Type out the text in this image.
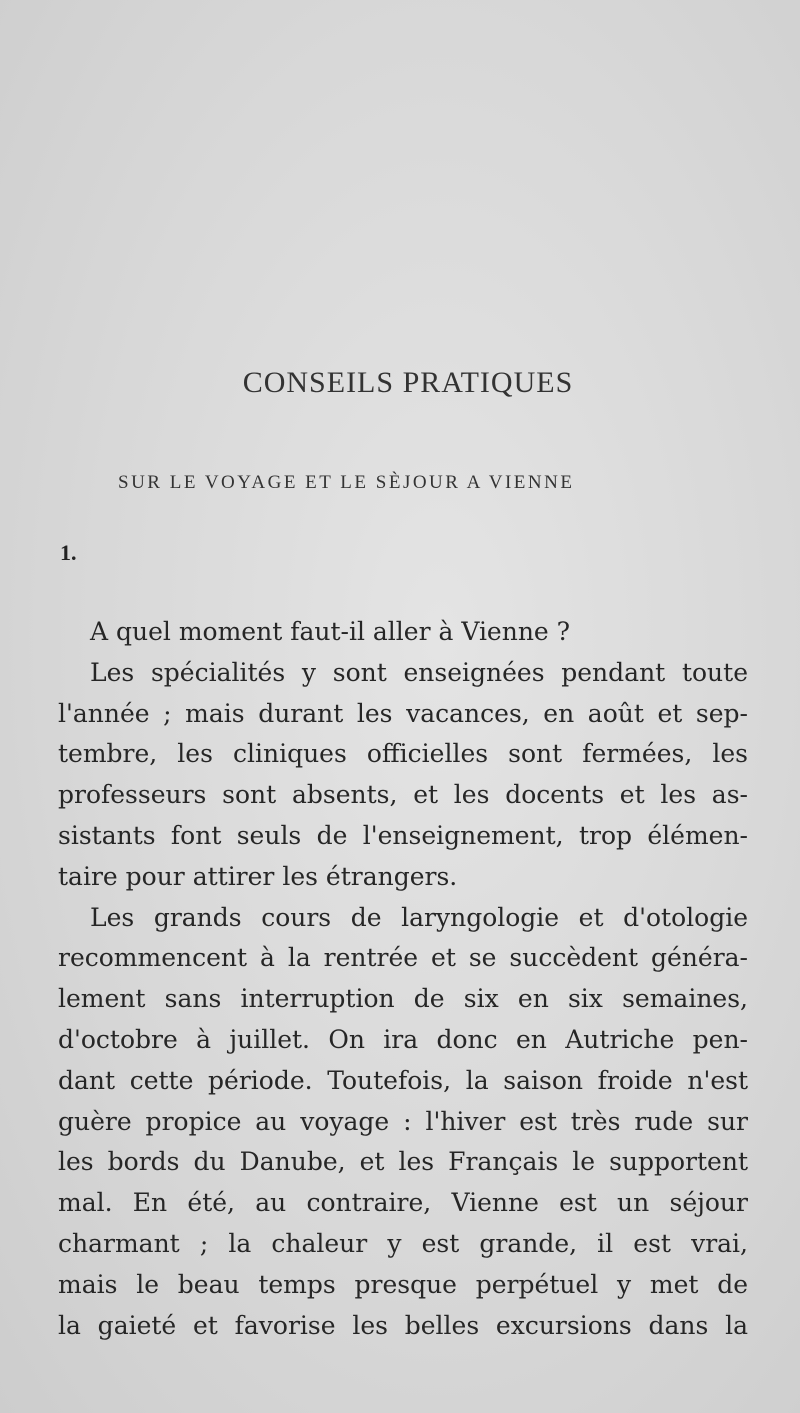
CONSEILS PRATIQUES
SUR LE VOYAGE ET LE SÈJOUR A VIENNE
1.
A quel moment faut-il aller à Vienne ?
Les spécialités y sont enseignées pendant toute
l'année ; mais durant les vacances, en août et sep-
tembre, les cliniques officielles sont fermées, les
professeurs sont absents, et les docents et les as-
sistants font seuls de l'enseignement, trop élémen-
taire pour attirer les étrangers.
Les grands cours de laryngologie et d'otologie
recommencent à la rentrée et se succèdent généra-
lement sans interruption de six en six semaines,
d'octobre à juillet. On ira donc en Autriche pen-
dant cette période. Toutefois, la saison froide n'est
guère propice au voyage : l'hiver est très rude sur
les bords du Danube, et les Français le supportent
mal. En été, au contraire, Vienne est un séjour
charmant ; la chaleur y est grande, il est vrai,
mais le beau temps presque perpétuel y met de
la gaieté et favorise les belles excursions dans la
